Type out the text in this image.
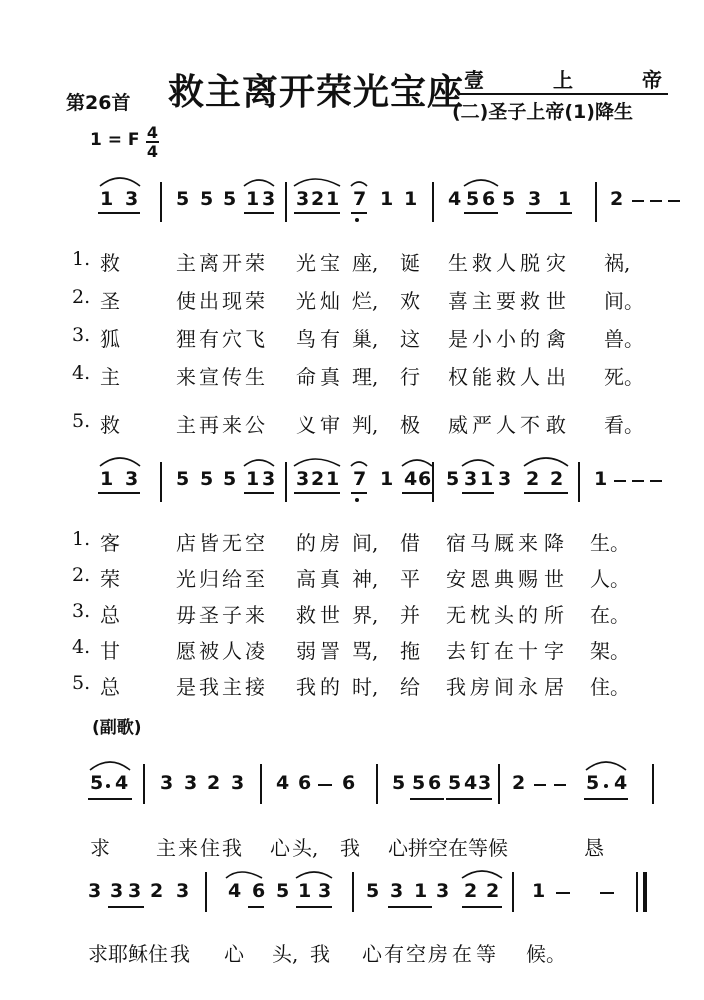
第26首 救主离开荣光宝座 壹	上	帝
(二)圣子上帝(1)降生
1 = F 4
4
1 3 5 5 5 1 3 3 2 1 7 1 1 4 5 6 5 3 1 2
1. 救	主 离 开 荣 光 宝 座, 诞 生 救 人 脱 灾 祸,
2. 圣	使 出 现 荣 光 灿 烂, 欢 喜 主 要 救 世 间。
3. 狐	狸 有 穴 飞 鸟 有 巢, 这 是 小 小 的 禽 兽。
4. 主	来 宣 传 生 命 真 理, 行 权 能 救 人 出 死。
5. 救	主 再 来 公 义 审 判, 极 威 严 人 不 敢 看。
1 3 5 5 5 1 3 3 2 1 7 1 4 6 5 3 1 3 2 2 1
1. 客	店 皆 无 空 的 房 间, 借 宿 马 厩 来 降 生。
2. 荣	光 归 给 至 高 真 神, 平 安 恩 典 赐 世 人。
3. 总	毋 圣 子 来 救 世 界, 并 无 枕 头 的 所 在。
4. 甘	愿 被 人 凌 弱 詈 骂, 拖 去 钉 在 十 字 架。
5. 总	是 我 主 接 我 的 时, 给 我 房 间 永 居 住。
(副歌)
5 4 3 3 2 3 4 6 6 5 5 6 5 4 3 2	5 4
求 主 来 住 我 心 头, 我 心 拼 空 在 等 候	恳
3 3 3 2 3 4 6 5 1 3 5 3 1 3 2 2 1
求 耶 稣 住 我 心 头, 我 心 有 空 房 在 等 候。
